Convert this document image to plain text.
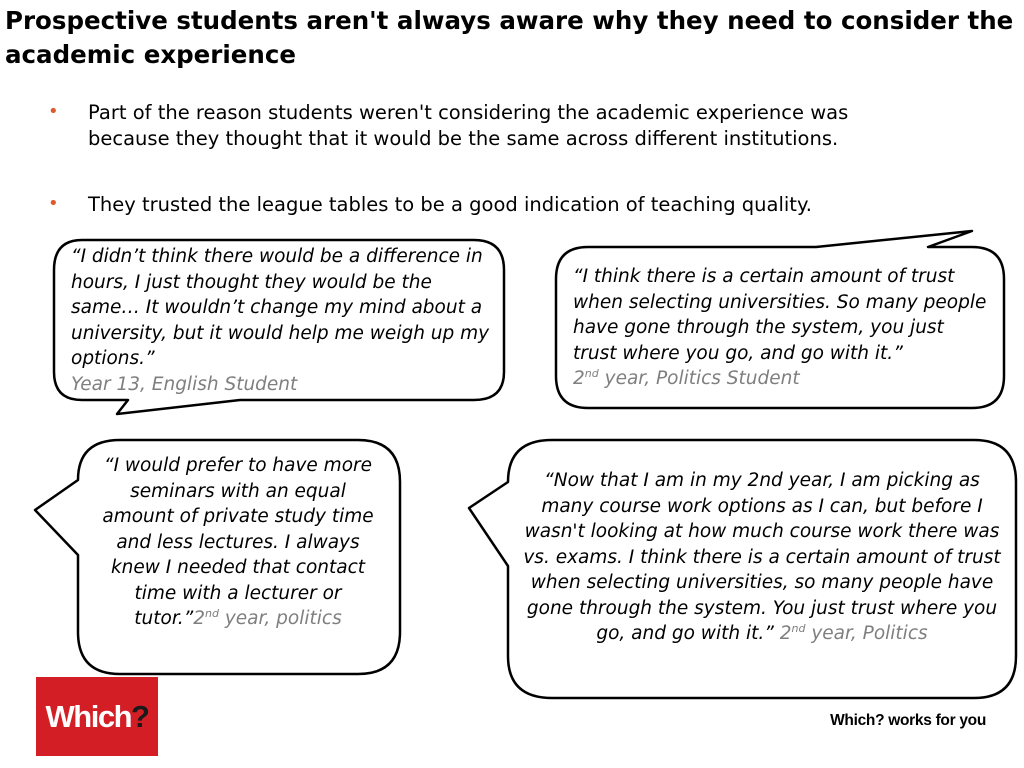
Prospective students aren't always aware why they need to consider the academic experience
• Part of the reason students weren't considering the academic experience was because they thought that it would be the same across different institutions.
• They trusted the league tables to be a good indication of teaching quality.
“I didn’t think there would be a difference in hours, I just thought they would be the same… It wouldn’t change my mind about a university, but it would help me weigh up my options.”
Year 13, English Student
“I think there is a certain amount of trust when selecting universities. So many people have gone through the system, you just trust where you go, and go with it.”
2nd year, Politics Student
“I would prefer to have more seminars with an equal amount of private study time and less lectures. I always knew I needed that contact time with a lecturer or tutor.”2nd year, politics
“Now that I am in my 2nd year, I am picking as many course work options as I can, but before I wasn't looking at how much course work there was vs. exams. I think there is a certain amount of trust when selecting universities, so many people have gone through the system. You just trust where you go, and go with it.” 2nd year, Politics
Which?	Which? works for you
